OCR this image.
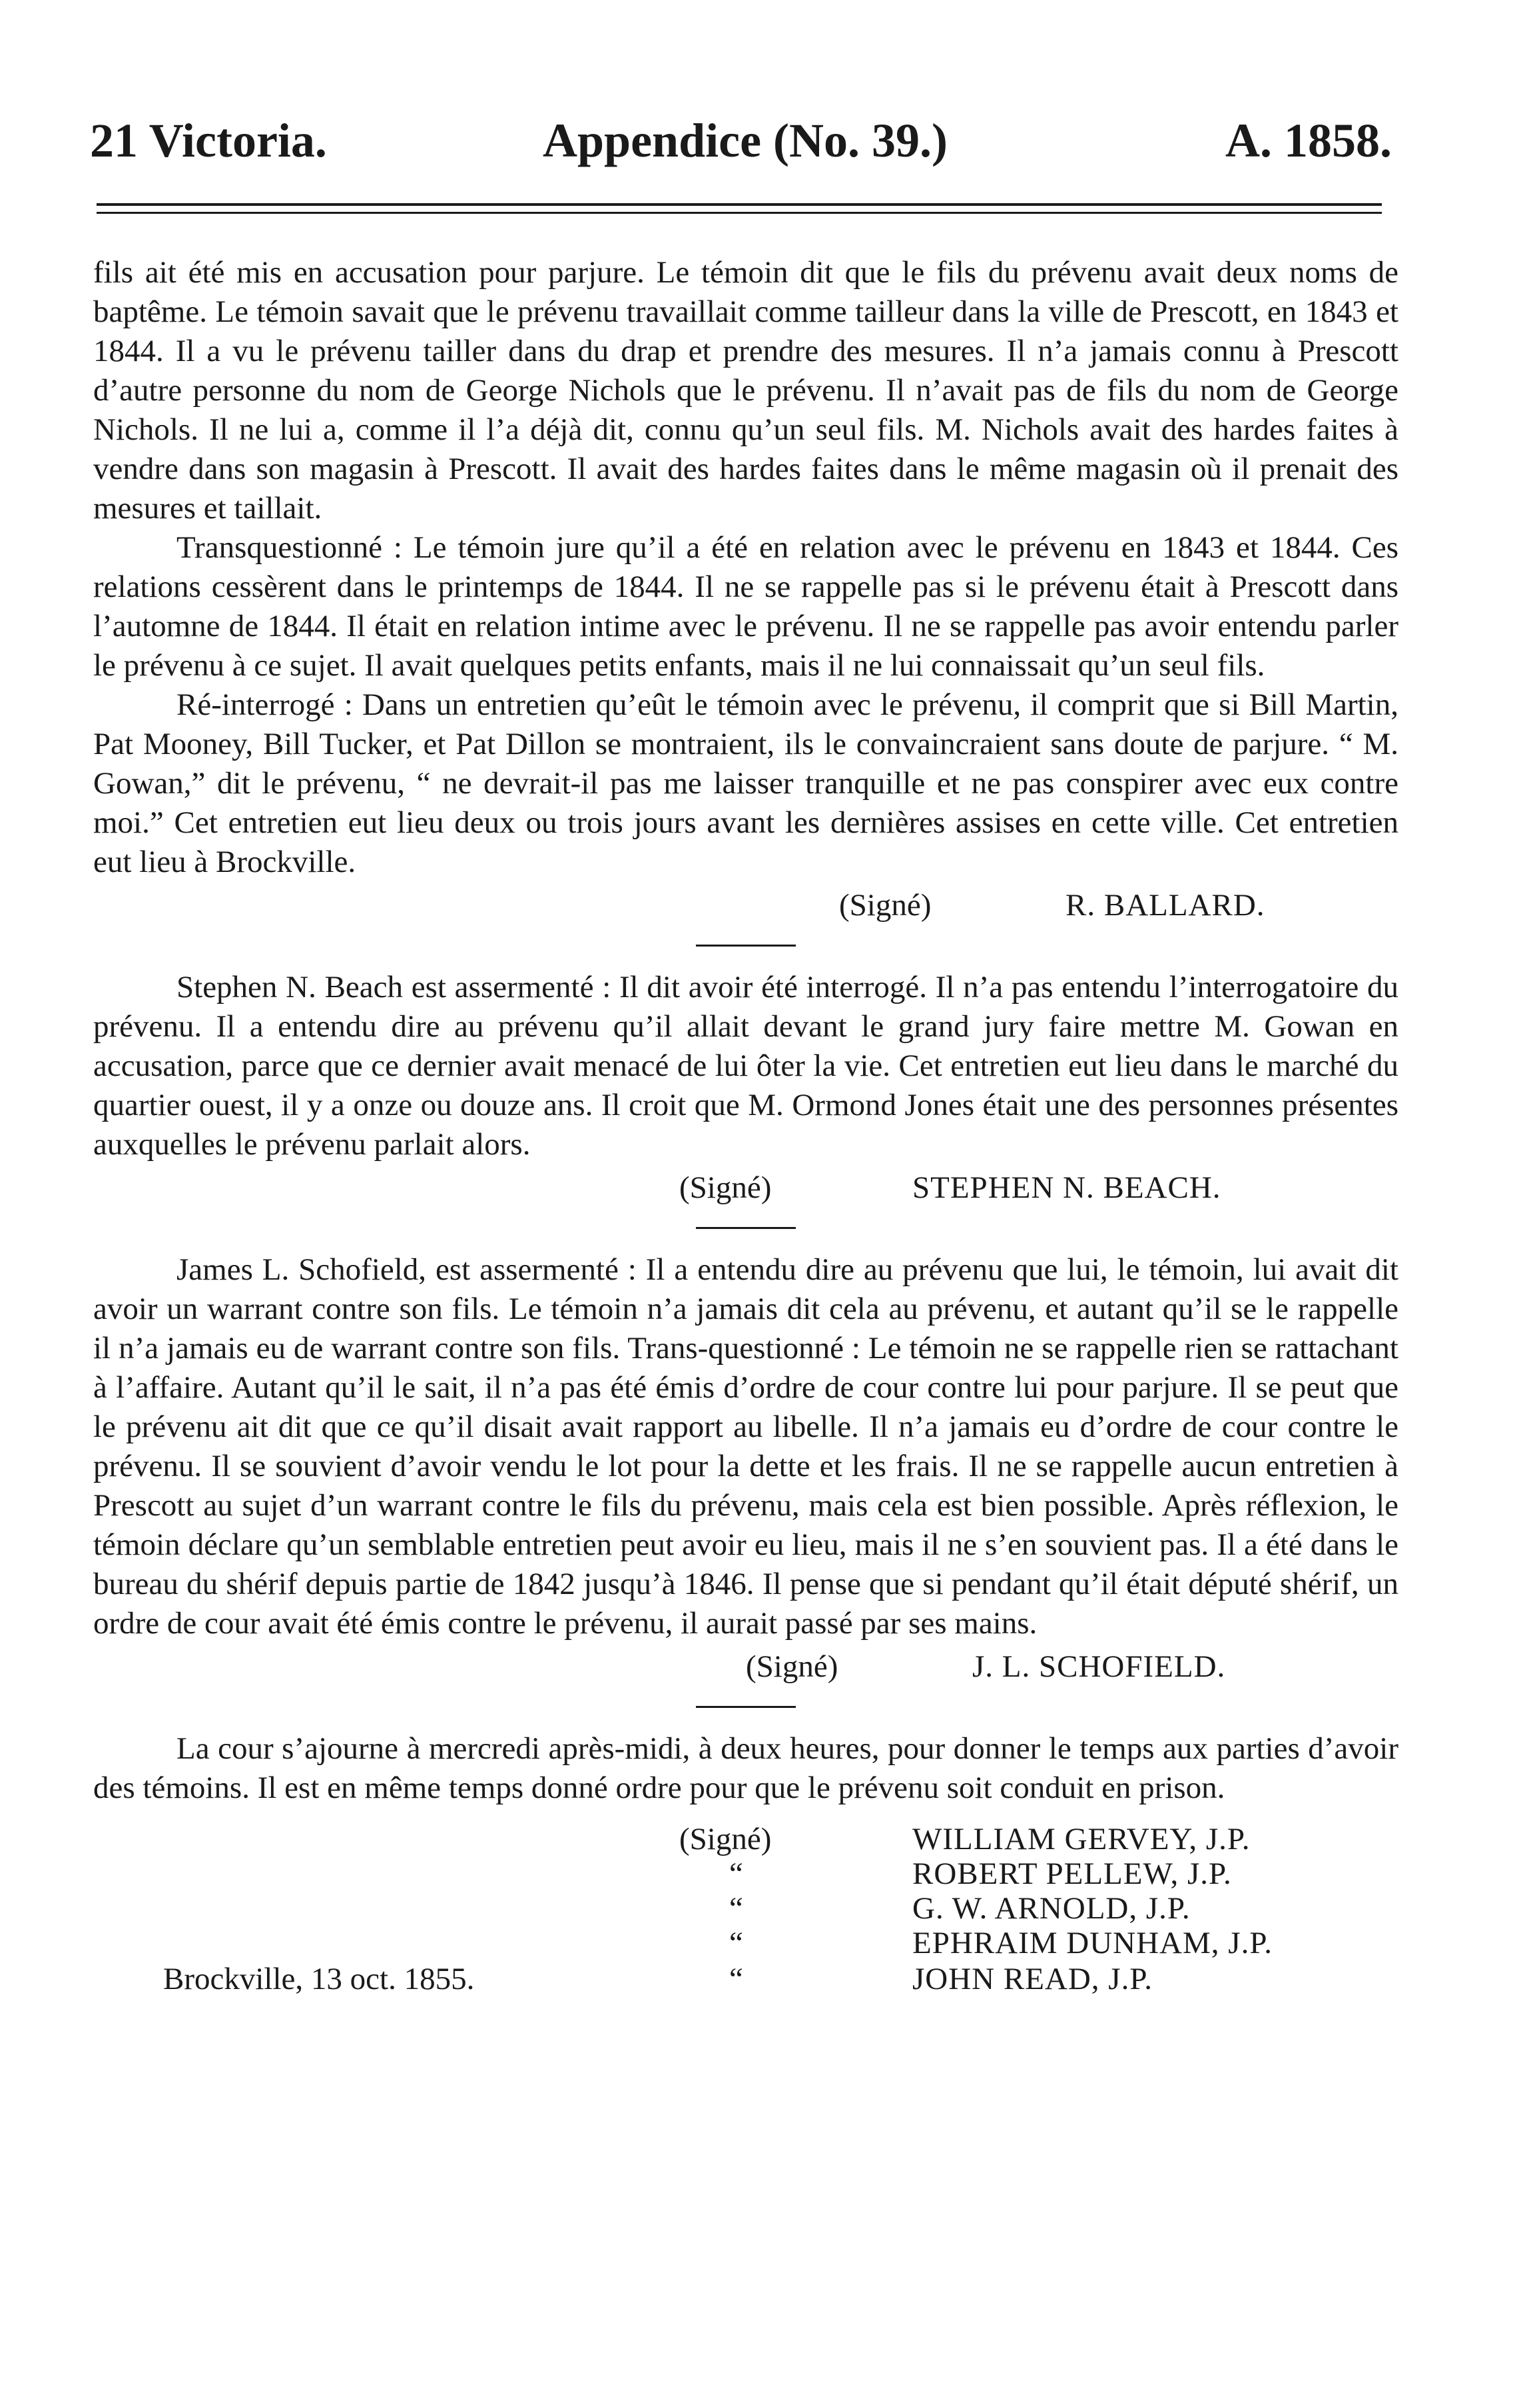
21 Victoria.	Appendice (No. 39.)	A. 1858.

fils ait été mis en accusation pour parjure. Le témoin dit que le fils du prévenu avait deux noms de baptême. Le témoin savait que le prévenu travaillait comme tailleur dans la ville de Prescott, en 1843 et 1844. Il a vu le prévenu tailler dans du drap et prendre des mesures. Il n’a jamais connu à Prescott d’autre personne du nom de George Nichols que le prévenu. Il n’avait pas de fils du nom de George Nichols. Il ne lui a, comme il l’a déjà dit, connu qu’un seul fils. M. Nichols avait des hardes faites à vendre dans son magasin à Prescott. Il avait des hardes faites dans le même magasin où il prenait des mesures et taillait.

Transquestionné : Le témoin jure qu’il a été en relation avec le prévenu en 1843 et 1844. Ces relations cessèrent dans le printemps de 1844. Il ne se rappelle pas si le prévenu était à Prescott dans l’automne de 1844. Il était en relation intime avec le prévenu. Il ne se rappelle pas avoir entendu parler le prévenu à ce sujet. Il avait quelques petits enfants, mais il ne lui connaissait qu’un seul fils.

Ré-interrogé : Dans un entretien qu’eût le témoin avec le prévenu, il comprit que si Bill Martin, Pat Mooney, Bill Tucker, et Pat Dillon se montraient, ils le convaincraient sans doute de parjure. “ M. Gowan,” dit le prévenu, “ ne devrait-il pas me laisser tranquille et ne pas conspirer avec eux contre moi.” Cet entretien eut lieu deux ou trois jours avant les dernières assises en cette ville. Cet entretien eut lieu à Brockville.

(Signé)	R. BALLARD.

Stephen N. Beach est assermenté : Il dit avoir été interrogé. Il n’a pas entendu l’interrogatoire du prévenu. Il a entendu dire au prévenu qu’il allait devant le grand jury faire mettre M. Gowan en accusation, parce que ce dernier avait menacé de lui ôter la vie. Cet entretien eut lieu dans le marché du quartier ouest, il y a onze ou douze ans. Il croit que M. Ormond Jones était une des personnes présentes auxquelles le prévenu parlait alors.

(Signé)	STEPHEN N. BEACH.

James L. Schofield, est assermenté : Il a entendu dire au prévenu que lui, le témoin, lui avait dit avoir un warrant contre son fils. Le témoin n’a jamais dit cela au prévenu, et autant qu’il se le rappelle il n’a jamais eu de warrant contre son fils. Trans-questionné : Le témoin ne se rappelle rien se rattachant à l’affaire. Autant qu’il le sait, il n’a pas été émis d’ordre de cour contre lui pour parjure. Il se peut que le prévenu ait dit que ce qu’il disait avait rapport au libelle. Il n’a jamais eu d’ordre de cour contre le prévenu. Il se souvient d’avoir vendu le lot pour la dette et les frais. Il ne se rappelle aucun entretien à Prescott au sujet d’un warrant contre le fils du prévenu, mais cela est bien possible. Après réflexion, le témoin déclare qu’un semblable entretien peut avoir eu lieu, mais il ne s’en souvient pas. Il a été dans le bureau du shérif depuis partie de 1842 jusqu’à 1846. Il pense que si pendant qu’il était député shérif, un ordre de cour avait été émis contre le prévenu, il aurait passé par ses mains.

(Signé)	J. L. SCHOFIELD.

La cour s’ajourne à mercredi après-midi, à deux heures, pour donner le temps aux parties d’avoir des témoins. Il est en même temps donné ordre pour que le prévenu soit conduit en prison.

(Signé)	WILLIAM GERVEY, J.P.
“	ROBERT PELLEW, J.P.
“	G. W. ARNOLD, J.P.
“	EPHRAIM DUNHAM, J.P.
Brockville, 13 oct. 1855.	“	JOHN READ, J.P.
